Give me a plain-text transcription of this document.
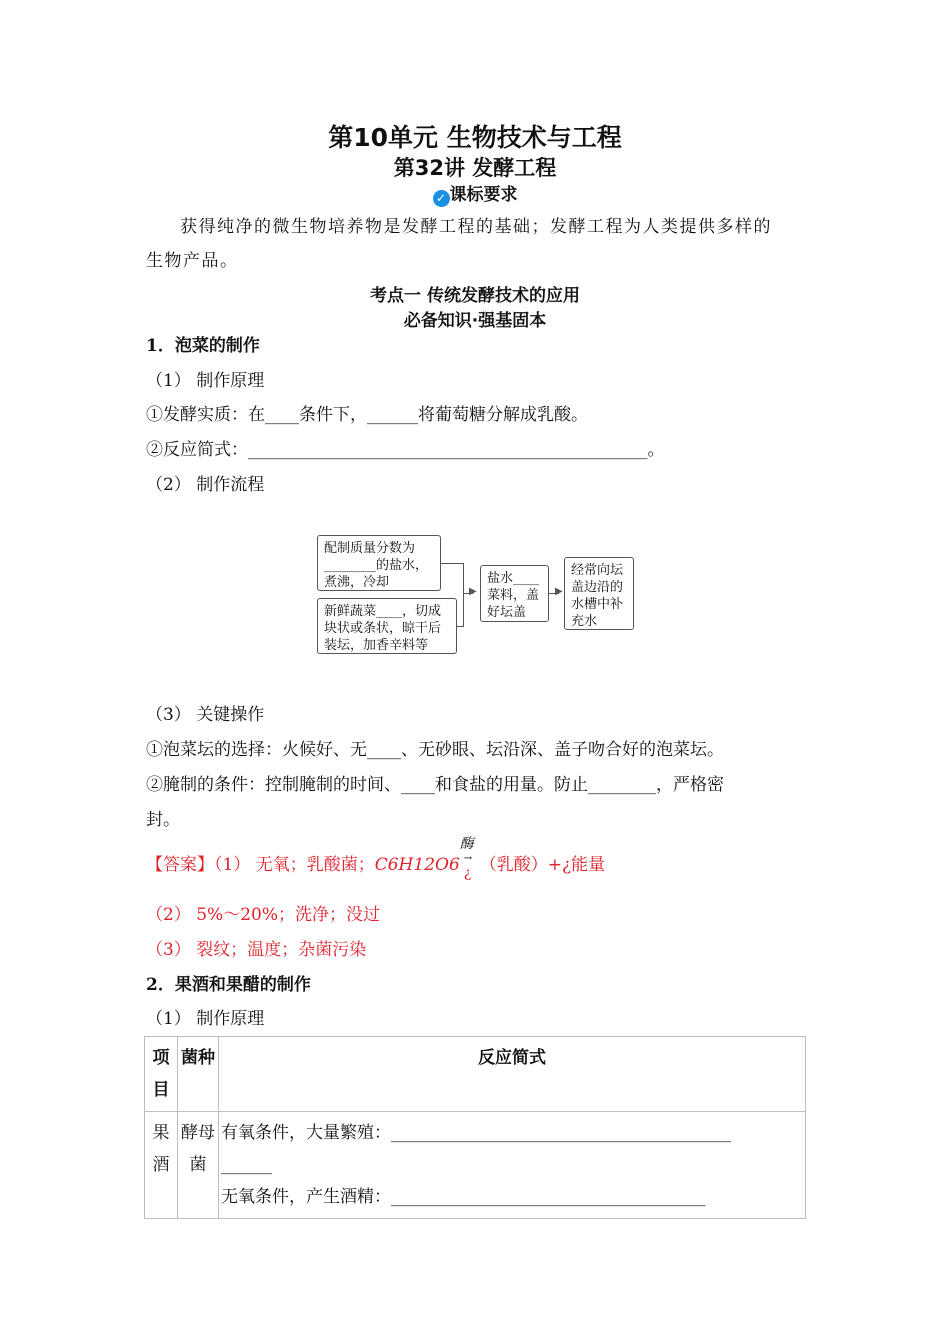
第10单元 生物技术与工程
第32讲 发酵工程
✓ 课标要求
获得纯净的微生物培养物是发酵工程的基础；发酵工程为人类提供多样的
生物产品。
考点一 传统发酵技术的应用
必备知识·强基固本
1．泡菜的制作
（1） 制作原理
①发酵实质：在____条件下，______将葡萄糖分解成乳酸。
②反应简式：_______________________________________________。
（2） 制作流程
配制质量分数为________的盐水，煮沸，冷却
新鲜蔬菜____，切成块状或条状，晾干后装坛，加香辛料等
▶
盐水____菜料，盖好坛盖
▶
经常向坛盖边沿的水槽中补充水
（3） 关键操作
①泡菜坛的选择：火候好、无____、无砂眼、坛沿深、盖子吻合好的泡菜坛。
②腌制的条件：控制腌制的时间、____和食盐的用量。防止________，严格密
封。
【答案】（1） 无氧；乳酸菌；C6H12O6
酶
→
¿ （乳酸）+¿能量
（2） 5%～20%；洗净；没过
（3） 裂纹；温度；杂菌污染
2．果酒和果醋的制作
（1） 制作原理
项目	菌种	反应简式
果酒	酵母菌	有氧条件，大量繁殖：________________________________________
______
无氧条件，产生酒精：_____________________________________
